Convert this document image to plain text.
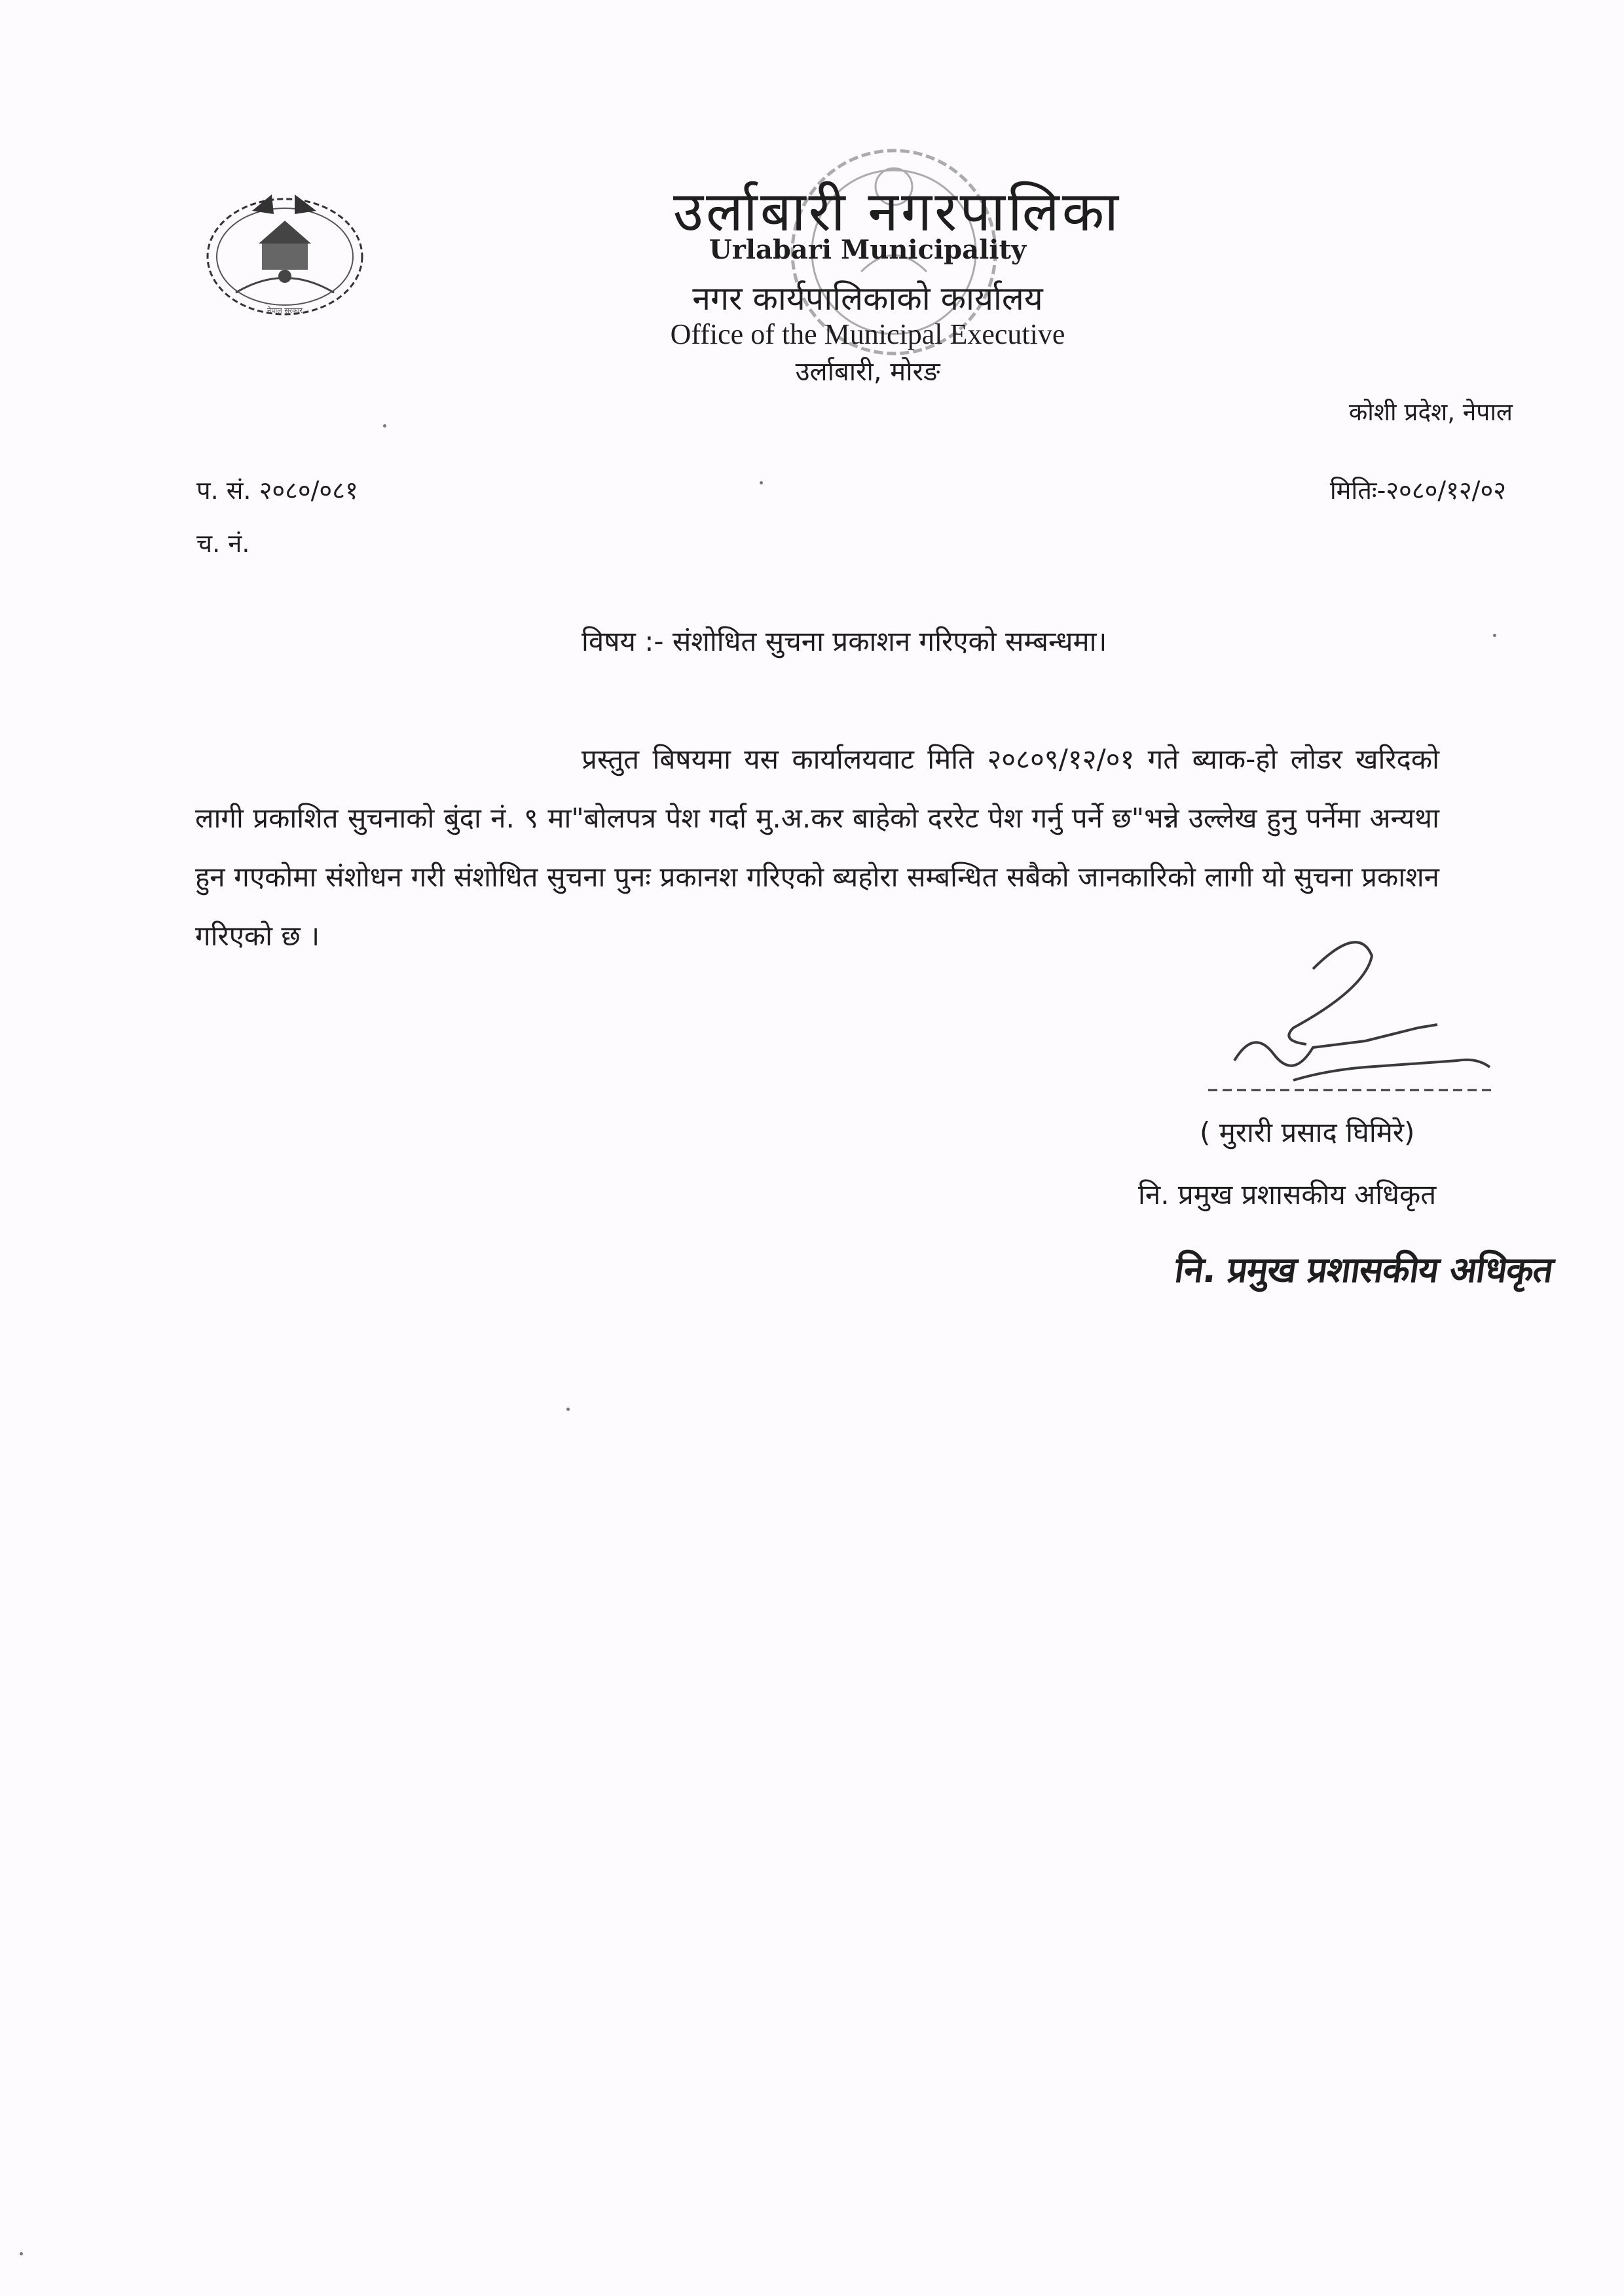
नेपाल सरकार
उर्लाबारी नगरपालिका
Urlabari Municipality
नगर कार्यपालिकाको कार्यालय
Office of the Municipal Executive
उर्लाबारी, मोरङ
कोशी प्रदेश, नेपाल
प. सं. २०८०/०८१
च. नं.
मितिः-२०८०/१२/०२
विषय :- संशोधित सुचना प्रकाशन गरिएको सम्बन्धमा।
प्रस्तुत बिषयमा यस कार्यालयवाट मिति २०८०९/१२/०१ गते ब्याक-हो लोडर खरिदको लागी प्रकाशित सुचनाको बुंदा नं. ९ मा"बोलपत्र पेश गर्दा मु.अ.कर बाहेको दररेट पेश गर्नु पर्ने छ"भन्ने उल्लेख हुनु पर्नेमा अन्यथा हुन गएकोमा संशोधन गरी संशोधित सुचना पुनः प्रकानश गरिएको ब्यहोरा सम्बन्धित सबैको जानकारिको लागी यो सुचना प्रकाशन गरिएको छ ।
( मुरारी प्रसाद घिमिरे)
नि. प्रमुख प्रशासकीय अधिकृत
नि. प्रमुख प्रशासकीय अधिकृत
